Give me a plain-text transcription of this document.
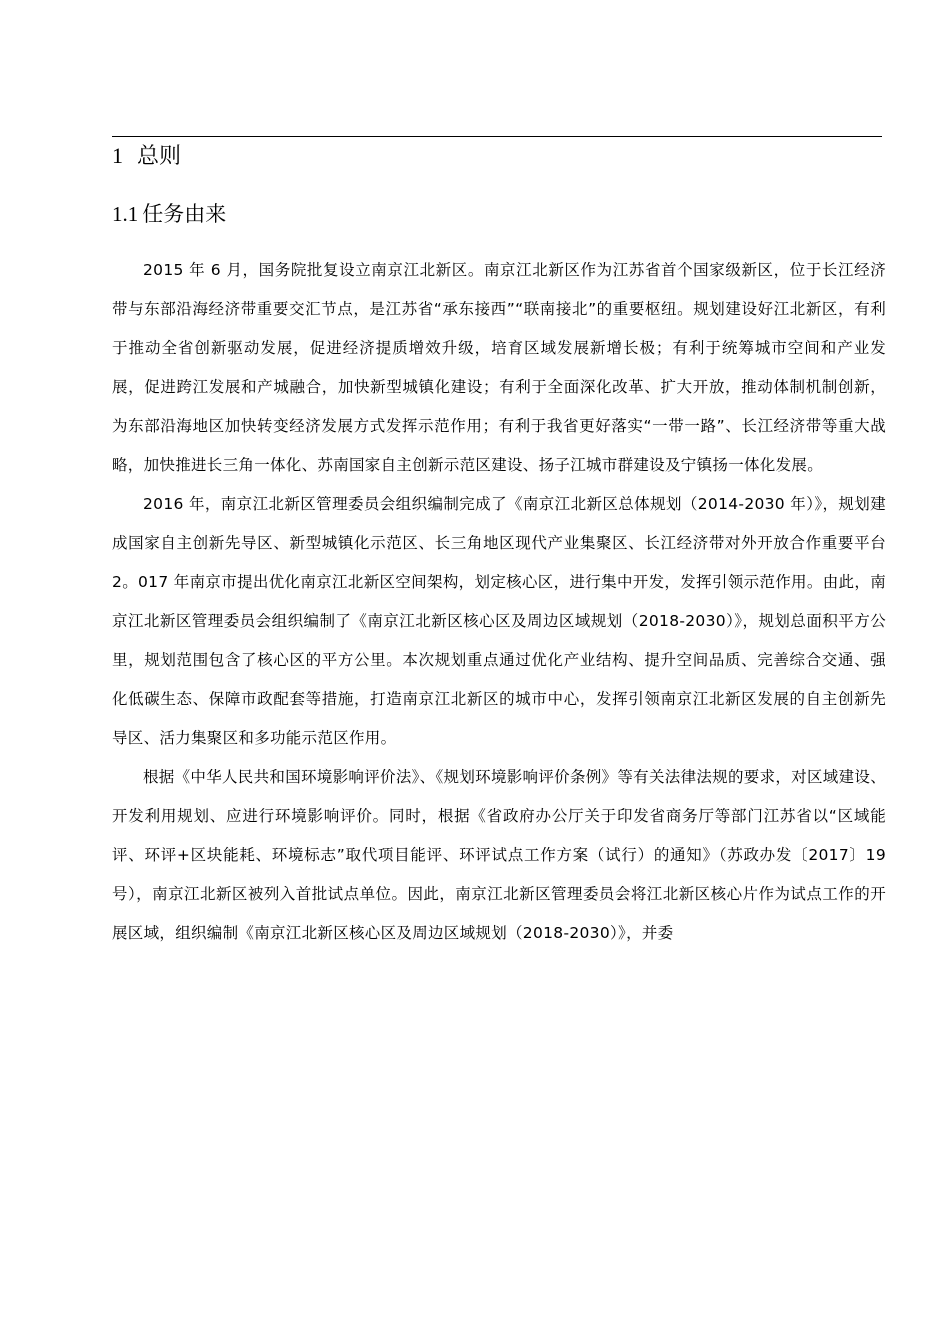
1 总则
1.1 任务由来

2015 年 6 月，国务院批复设立南京江北新区。南京江北新区作为江苏省首个国家级新区，位于长江经济带与东部沿海经济带重要交汇节点，是江苏省“承东接西”“联南接北”的重要枢纽。规划建设好江北新区，有利于推动全省创新驱动发展，促进经济提质增效升级，培育区域发展新增长极；有利于统筹城市空间和产业发展，促进跨江发展和产城融合，加快新型城镇化建设；有利于全面深化改革、扩大开放，推动体制机制创新，为东部沿海地区加快转变经济发展方式发挥示范作用；有利于我省更好落实“一带一路”、长江经济带等重大战略，加快推进长三角一体化、苏南国家自主创新示范区建设、扬子江城市群建设及宁镇扬一体化发展。

2016 年，南京江北新区管理委员会组织编制完成了《南京江北新区总体规划（2014-2030 年）》，规划建成国家自主创新先导区、新型城镇化示范区、长三角地区现代产业集聚区、长江经济带对外开放合作重要平台 2。017 年南京市提出优化南京江北新区空间架构，划定核心区，进行集中开发，发挥引领示范作用。由此，南京江北新区管理委员会组织编制了《南京江北新区核心区及周边区域规划（2018-2030）》，规划总面积平方公里，规划范围包含了核心区的平方公里。本次规划重点通过优化产业结构、提升空间品质、完善综合交通、强化低碳生态、保障市政配套等措施，打造南京江北新区的城市中心，发挥引领南京江北新区发展的自主创新先导区、活力集聚区和多功能示范区作用。

根据《中华人民共和国环境影响评价法》、《规划环境影响评价条例》等有关法律法规的要求，对区域建设、开发利用规划、应进行环境影响评价。同时，根据《省政府办公厅关于印发省商务厅等部门江苏省以“区域能评、环评+区块能耗、环境标志”取代项目能评、环评试点工作方案（试行）的通知》（苏政办发〔2017〕19 号），南京江北新区被列入首批试点单位。因此，南京江北新区管理委员会将江北新区核心片作为试点工作的开展区域，组织编制《南京江北新区核心区及周边区域规划（2018-2030）》，并委
